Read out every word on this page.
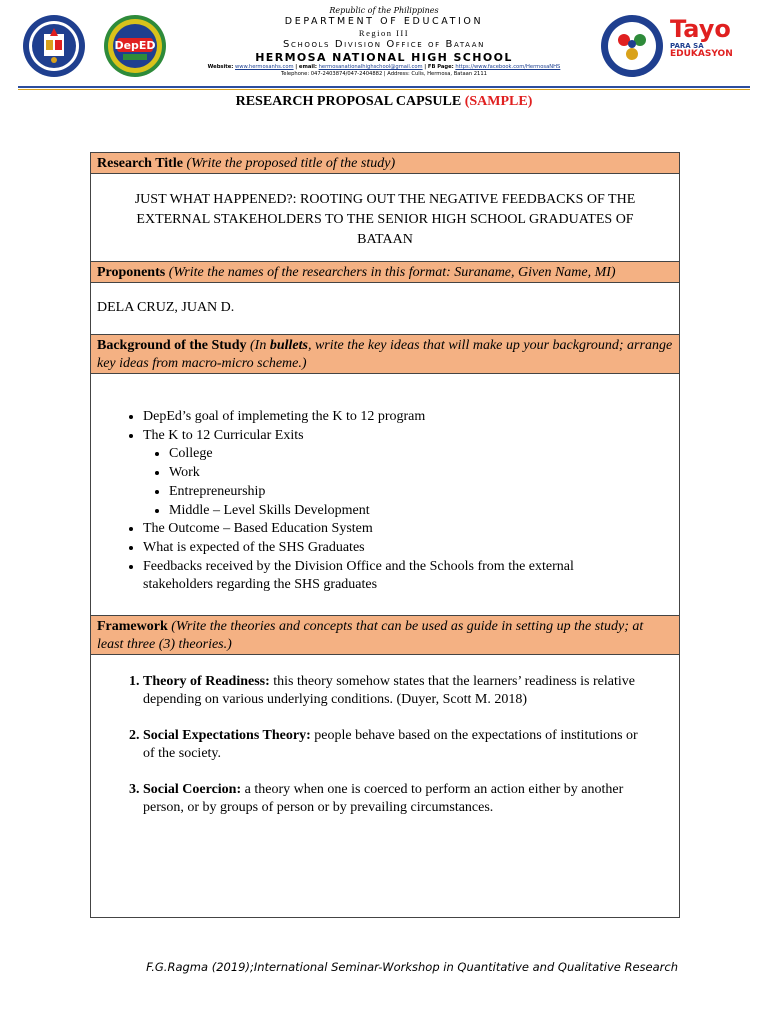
DepED
Tayo
PARA SA
EDUKASYON
Republic of the Philippines
DEPARTMENT OF EDUCATION
Region III
Schools Division Office of Bataan
HERMOSA NATIONAL HIGH SCHOOL
Website: www.hermosanhs.com | email: hermosanationalhighschool@gmail.com | FB Page: https://www.facebook.com/HermosaNHS
Telephone: 047-2403874/047-2404882 | Address: Culis, Hermosa, Bataan 2111
RESEARCH PROPOSAL CAPSULE (SAMPLE)
Research Title (Write the proposed title of the study)
JUST WHAT HAPPENED?: ROOTING OUT THE NEGATIVE FEEDBACKS OF THE EXTERNAL STAKEHOLDERS TO THE SENIOR HIGH SCHOOL GRADUATES OF BATAAN
Proponents (Write the names of the researchers in this format: Suraname, Given Name, MI)
DELA CRUZ, JUAN D.
Background of the Study (In bullets, write the key ideas that will make up your background; arrange key ideas from macro-micro scheme.)
• DepEd’s goal of implemeting the K to 12 program
• The K to 12 Curricular Exits
• College
• Work
• Entrepreneurship
• Middle – Level Skills Development
• The Outcome – Based Education System
• What is expected of the SHS Graduates
• Feedbacks received by the Division Office and the Schools from the external stakeholders regarding the SHS graduates
Framework (Write the theories and concepts that can be used as guide in setting up the study; at least three (3) theories.)
1. Theory of Readiness: this theory somehow states that the learners’ readiness is relative depending on various underlying conditions. (Duyer, Scott M. 2018)
2. Social Expectations Theory: people behave based on the expectations of institutions or of the society.
3. Social Coercion: a theory when one is coerced to perform an action either by another person, or by groups of person or by prevailing circumstances.
F.G.Ragma (2019);International Seminar-Workshop in Quantitative and Qualitative Research
